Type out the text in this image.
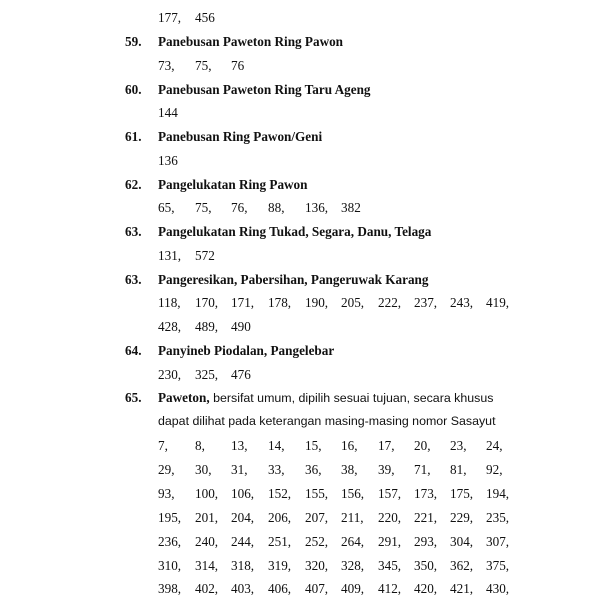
177, 456
59. Panebusan Paweton Ring Pawon
73, 75, 76
60. Panebusan Paweton Ring Taru Ageng
144
61. Panebusan Ring Pawon/Geni
136
62. Pangelukatan Ring Pawon
65, 75, 76, 88, 136, 382
63. Pangelukatan Ring Tukad, Segara, Danu, Telaga
131, 572
63. Pangeresikan, Pabersihan, Pangeruwak Karang
118, 170, 171, 178, 190, 205, 222, 237, 243, 419,
428, 489, 490
64. Panyineb Piodalan, Pangelebar
230, 325, 476
65. Paweton, bersifat umum, dipilih sesuai tujuan, secara khusus
dapat dilihat pada keterangan masing-masing nomor Sasayut
7, 8, 13, 14, 15, 16, 17, 20, 23, 24,
29, 30, 31, 33, 36, 38, 39, 71, 81, 92,
93, 100, 106, 152, 155, 156, 157, 173, 175, 194,
195, 201, 204, 206, 207, 211, 220, 221, 229, 235,
236, 240, 244, 251, 252, 264, 291, 293, 304, 307,
310, 314, 318, 319, 320, 328, 345, 350, 362, 375,
398, 402, 403, 406, 407, 409, 412, 420, 421, 430,
